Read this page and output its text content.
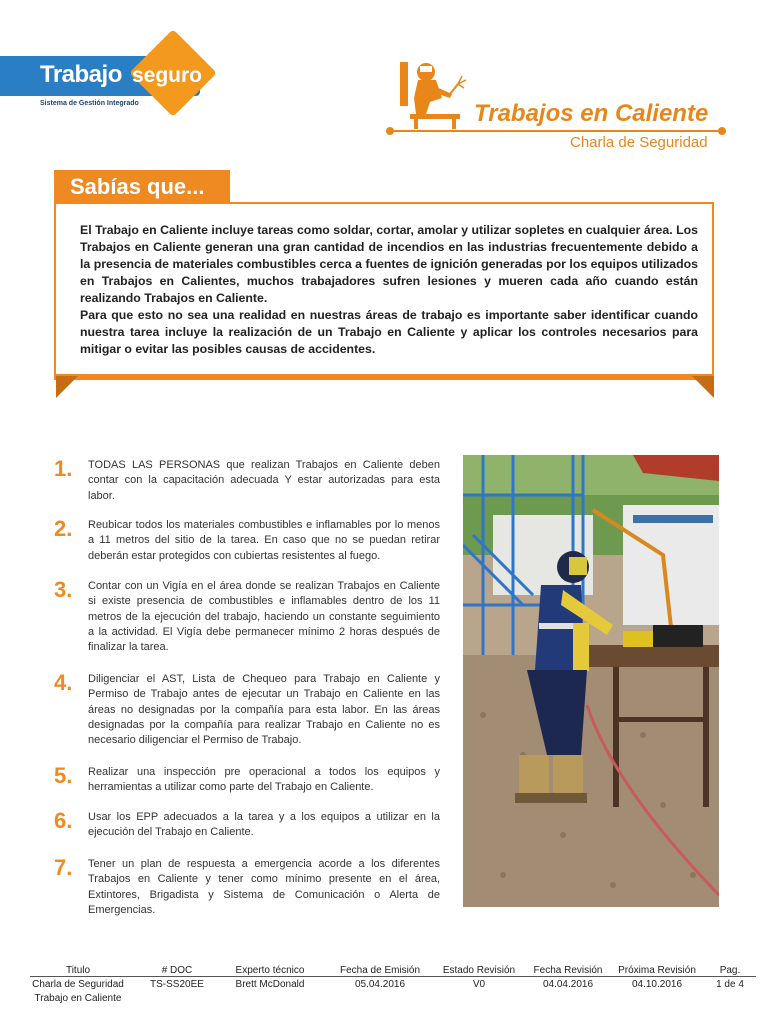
Trabajo seguro
Sistema de Gestión Integrado	Trabajos en Caliente
Charla de Seguridad
Sabías que...

El Trabajo en Caliente incluye tareas como soldar, cortar, amolar y utilizar sopletes en cualquier área. Los Trabajos en Caliente generan una gran cantidad de incendios en las industrias frecuentemente debido a la presencia de materiales combustibles cerca a fuentes de ignición generadas por los equipos utilizados en Trabajos en Calientes, muchos trabajadores sufren lesiones y mueren cada año cuando están realizando Trabajos en Caliente.

Para que esto no sea una realidad en nuestras áreas de trabajo es importante saber identificar cuando nuestra tarea incluye la realización de un Trabajo en Caliente y aplicar los controles necesarios para mitigar o evitar las posibles causas de accidentes.

1. TODAS LAS PERSONAS que realizan Trabajos en Caliente deben contar con la capacitación adecuada Y estar autorizadas para esta labor.
2. Reubicar todos los materiales combustibles e inflamables por lo menos a 11 metros del sitio de la tarea. En caso que no se puedan retirar deberán estar protegidos con cubiertas resistentes al fuego.
3. Contar con un Vigía en el área donde se realizan Trabajos en Caliente si existe presencia de combustibles e inflamables dentro de los 11 metros de la ejecución del trabajo, haciendo un constante seguimiento a la actividad. El Vigía debe permanecer mínimo 2 horas después de finalizar la tarea.
4. Diligenciar el AST, Lista de Chequeo para Trabajo en Caliente y Permiso de Trabajo antes de ejecutar un Trabajo en Caliente en las áreas no designadas por la compañía para esta labor. En las áreas designadas por la compañía para realizar Trabajo en Caliente no es necesario diligenciar el Permiso de Trabajo.
5. Realizar una inspección pre operacional a todos los equipos y herramientas a utilizar como parte del Trabajo en Caliente.
6. Usar los EPP adecuados a la tarea y a los equipos a utilizar en la ejecución del Trabajo en Caliente.
7. Tener un plan de respuesta a emergencia acorde a los diferentes Trabajos en Caliente y tener como mínimo presente en el área, Extintores, Brigadista y Sistema de Comunicación o Alerta de Emergencias.
Titulo	# DOC	Experto técnico	Fecha de Emisión	Estado Revisión	Fecha Revisión	Próxima Revisión	Pag.
Charla de Seguridad
Trabajo en Caliente
TS-SS20EE	Brett McDonald	05.04.2016	V0	04.04.2016	04.10.2016	1 de 4
